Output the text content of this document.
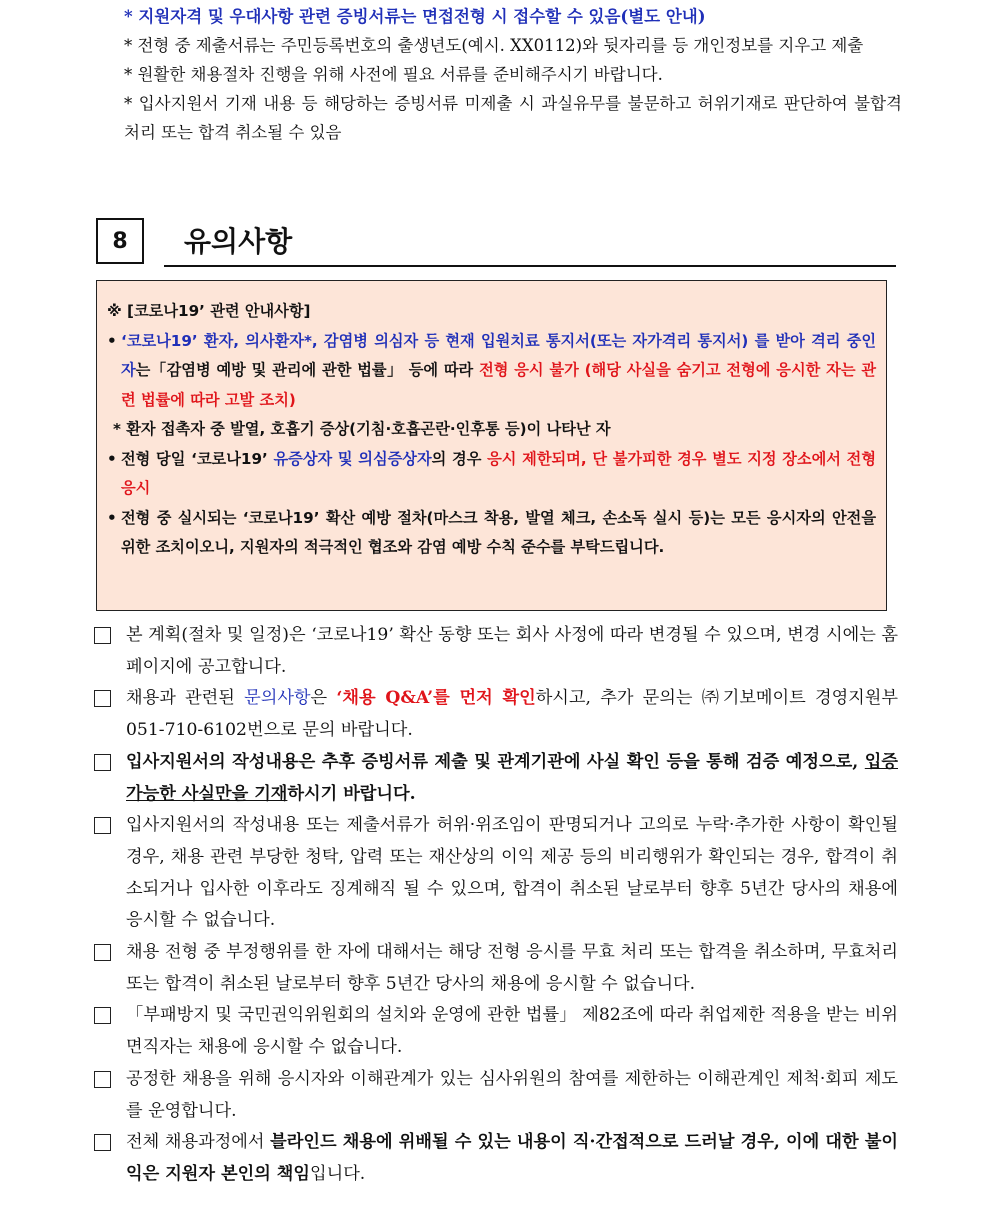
* 지원자격 및 우대사항 관련 증빙서류는 면접전형 시 접수할 수 있음(별도 안내)
* 전형 중 제출서류는 주민등록번호의 출생년도(예시. XX0112)와 뒷자리를 등 개인정보를 지우고 제출
* 원활한 채용절차 진행을 위해 사전에 필요 서류를 준비해주시기 바랍니다.
* 입사지원서 기재 내용 등 해당하는 증빙서류 미제출 시 과실유무를 불문하고 허위기재로 판단하여 불합격 처리 또는 합격 취소될 수 있음
8	유의사항
※ [코로나19’ 관련 안내사항]
• ‘코로나19’ 환자, 의사환자*, 감염병 의심자 등 현재 입원치료 통지서(또는 자가격리 통지서) 를 받아 격리 중인 자는「감염병 예방 및 관리에 관한 법률」 등에 따라 전형 응시 불가 (해당 사실을 숨기고 전형에 응시한 자는 관련 법률에 따라 고발 조치)
* 환자 접촉자 중 발열, 호흡기 증상(기침·호흡곤란·인후통 등)이 나타난 자
• 전형 당일 ‘코로나19’ 유증상자 및 의심증상자의 경우 응시 제한되며, 단 불가피한 경우 별도 지정 장소에서 전형 응시
• 전형 중 실시되는 ‘코로나19’ 확산 예방 절차(마스크 착용, 발열 체크, 손소독 실시 등)는 모든 응시자의 안전을 위한 조치이오니, 지원자의 적극적인 협조와 감염 예방 수칙 준수를 부탁드립니다.
본 계획(절차 및 일정)은 ‘코로나19’ 확산 동향 또는 회사 사정에 따라 변경될 수 있으며, 변경 시에는 홈페이지에 공고합니다.
채용과 관련된 문의사항은 ‘채용 Q&A’를 먼저 확인하시고, 추가 문의는 ㈜기보메이트 경영지원부 051-710-6102번으로 문의 바랍니다.
입사지원서의 작성내용은 추후 증빙서류 제출 및 관계기관에 사실 확인 등을 통해 검증 예정으로, 입증 가능한 사실만을 기재하시기 바랍니다.
입사지원서의 작성내용 또는 제출서류가 허위·위조임이 판명되거나 고의로 누락·추가한 사항이 확인될 경우, 채용 관련 부당한 청탁, 압력 또는 재산상의 이익 제공 등의 비리행위가 확인되는 경우, 합격이 취소되거나 입사한 이후라도 징계해직 될 수 있으며, 합격이 취소된 날로부터 향후 5년간 당사의 채용에 응시할 수 없습니다.
채용 전형 중 부정행위를 한 자에 대해서는 해당 전형 응시를 무효 처리 또는 합격을 취소하며, 무효처리 또는 합격이 취소된 날로부터 향후 5년간 당사의 채용에 응시할 수 없습니다.
「부패방지 및 국민권익위원회의 설치와 운영에 관한 법률」 제82조에 따라 취업제한 적용을 받는 비위면직자는 채용에 응시할 수 없습니다.
공정한 채용을 위해 응시자와 이해관계가 있는 심사위원의 참여를 제한하는 이해관계인 제척·회피 제도를 운영합니다.
전체 채용과정에서 블라인드 채용에 위배될 수 있는 내용이 직·간접적으로 드러날 경우, 이에 대한 불이익은 지원자 본인의 책임입니다.
